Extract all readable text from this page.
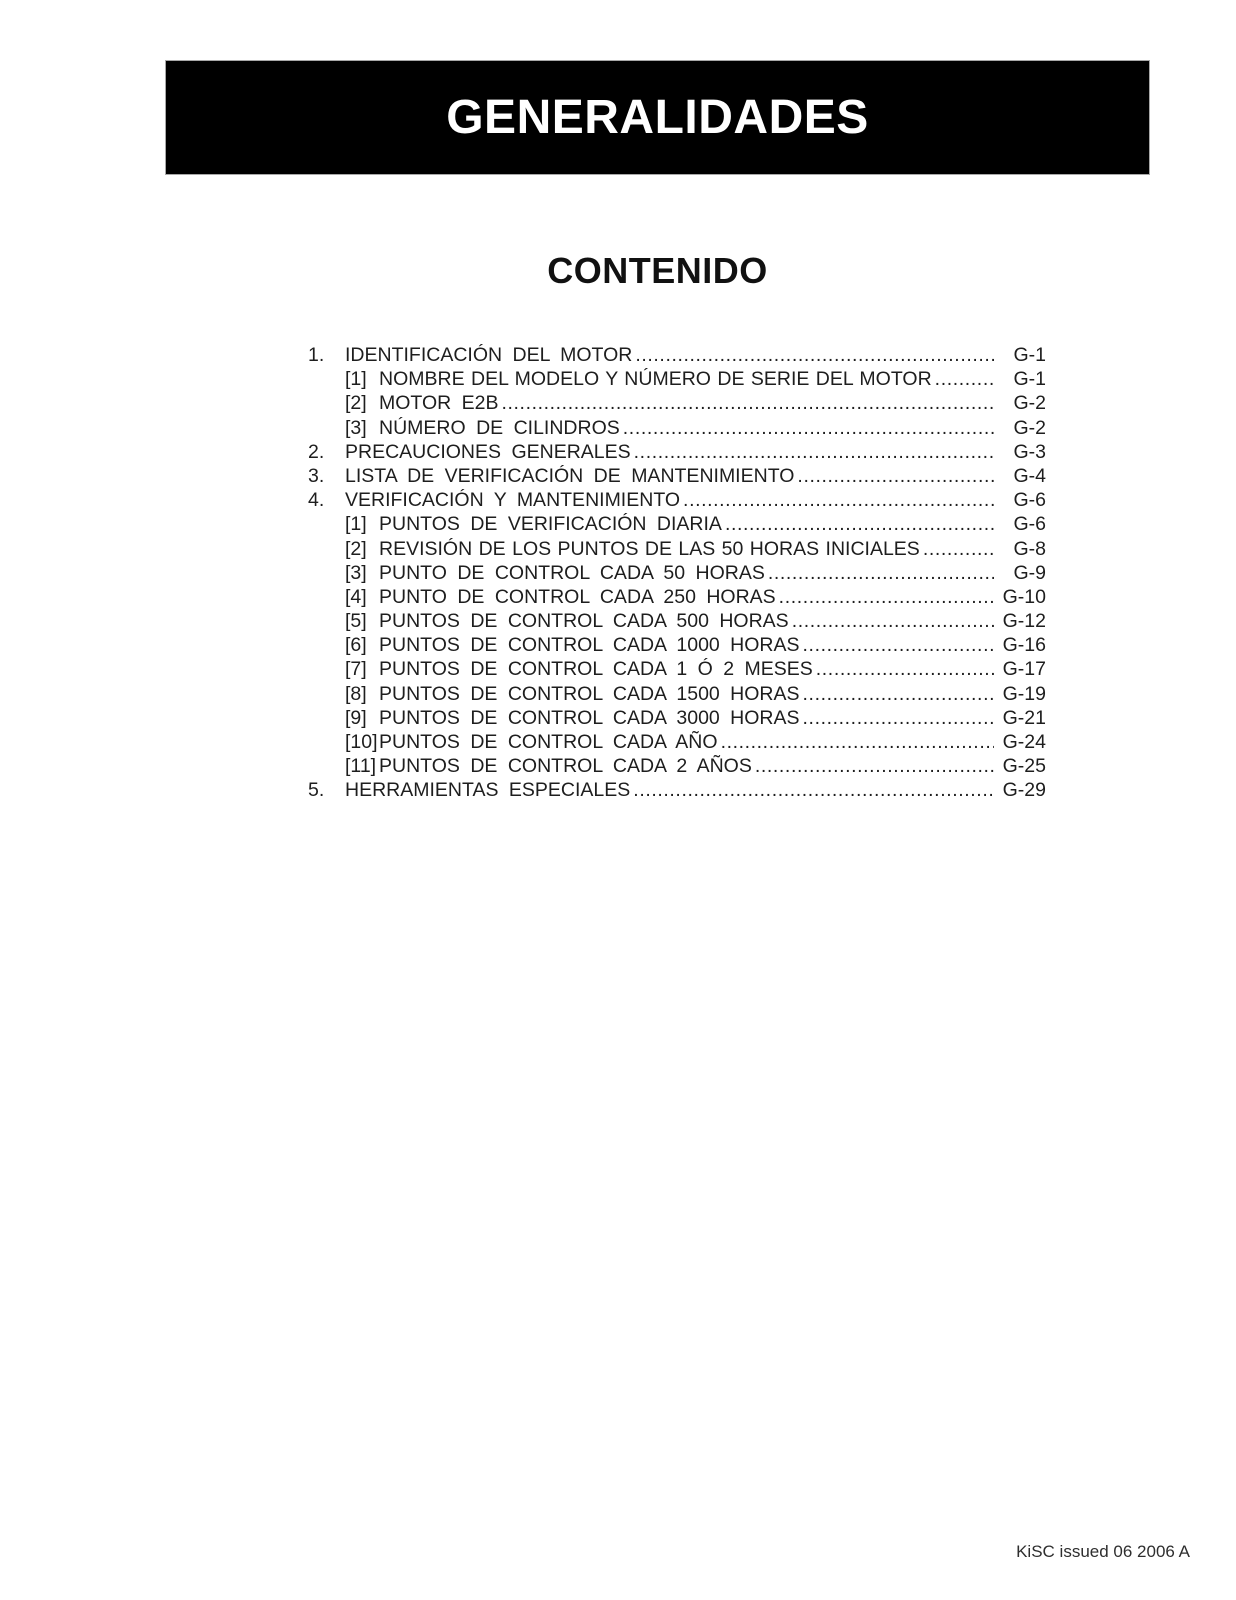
GENERALIDADES
CONTENIDO
1.	IDENTIFICACIÓN DEL MOTOR .....	G-1
[1] NOMBRE DEL MODELO Y NÚMERO DE SERIE DEL MOTOR .....	G-1
[2] MOTOR E2B .....	G-2
[3] NÚMERO DE CILINDROS .....	G-2
2.	PRECAUCIONES GENERALES .....	G-3
3.	LISTA DE VERIFICACIÓN DE MANTENIMIENTO .....	G-4
4.	VERIFICACIÓN Y MANTENIMIENTO .....	G-6
[1] PUNTOS DE VERIFICACIÓN DIARIA .....	G-6
[2] REVISIÓN DE LOS PUNTOS DE LAS 50 HORAS INICIALES .....	G-8
[3] PUNTO DE CONTROL CADA 50 HORAS .....	G-9
[4] PUNTO DE CONTROL CADA 250 HORAS .....	G-10
[5] PUNTOS DE CONTROL CADA 500 HORAS .....	G-12
[6] PUNTOS DE CONTROL CADA 1000 HORAS .....	G-16
[7] PUNTOS DE CONTROL CADA 1 Ó 2 MESES .....	G-17
[8] PUNTOS DE CONTROL CADA 1500 HORAS .....	G-19
[9] PUNTOS DE CONTROL CADA 3000 HORAS .....	G-21
[10] PUNTOS DE CONTROL CADA AÑO .....	G-24
[11] PUNTOS DE CONTROL CADA 2 AÑOS .....	G-25
5.	HERRAMIENTAS ESPECIALES .....	G-29
KiSC issued 06 2006 A
